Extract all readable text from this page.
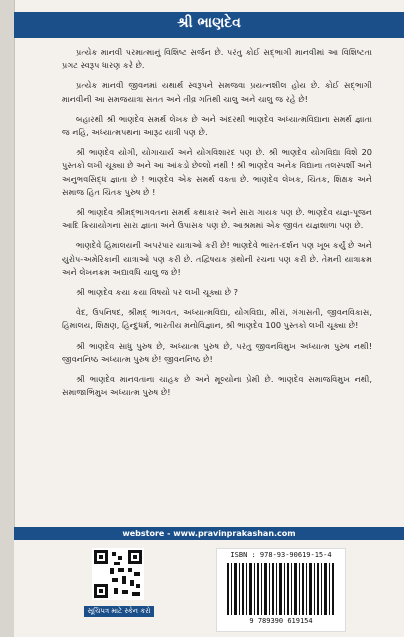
શ્રી ભાણદેવ

પ્રત્યેક માનવી પરમાત્માનું વિશિષ્ટ સર્જન છે. પરંતુ કોઈ સદ્ભાગી માનવીમાં આ વિશિષ્ટતા પ્રગટ સ્વરૂપ ધારણ કરે છે.

પ્રત્યેક માનવી જીવનમાં યથાર્થ સ્વરૂપને સમજવા પ્રયત્નશીલ હોય છે. કોઈ સદ્ભાગી માનવીની આ સમજયાત્રા સતત અને તીવ્ર ગતિથી ચાલુ અને ચાલુ જ રહે છે!

બહારથી શ્રી ભાણદેવ સમર્થ લેખક છે અને અંદરથી ભાણદેવ અધ્યાત્મવિદ્યાના સમર્થ જ્ઞાતા જ નહિ, અધ્યાત્મપથના આરૂઢ યાત્રી પણ છે.

શ્રી ભાણદેવ યોગી, યોગાચાર્ય અને યોગવિશારદ પણ છે. શ્રી ભાણદેવ યોગવિદ્યા વિશે 20 પુસ્તકો લખી ચૂક્યા છે અને આ આંકડો છેલ્લો નથી ! શ્રી ભાણદેવ અનેક વિદ્યાના તલસ્પર્શી અને અનુભવસિદ્ધ જ્ઞાતા છે ! ભાણદેવ એક સમર્થ વક્તા છે. ભાણદેવ લેખક, ચિંતક, શિક્ષક અને સમાજ હિત ચિંતક પુરુષ છે !

શ્રી ભાણદેવ શ્રીમદ્ભાગવતના સમર્થ કથાકાર અને સારા ગાયક પણ છે. ભાણદેવ યજ્ઞ-પૂજન આદિ ક્રિયાયોગના સારા જ્ઞાતા અને ઉપાસક પણ છે. આશ્રમમાં એક જીવંત યજ્ઞશાળા પણ છે.

ભાણદેવે હિમાલયની અપરંપાર યાત્રાઓ કરી છે! ભાણદેવે ભારત-દર્શન પણ ખૂબ કર્યું છે અને યુરોપ-અમેરિકાની યાત્રાઓ પણ કરી છે. તદ્વિષયક ગ્રંથોની રચના પણ કરી છે. તેમની યાત્રાક્રમ અને લેખનક્રમ અદ્યાવધિ ચાલુ જ છે!

શ્રી ભાણદેવ કયા કયા વિષયો પર લખી ચૂક્યા છે ?

વેદ, ઉપનિષદ, શ્રીમદ્ ભાગવત, અધ્યાત્મવિદ્યા, યોગવિદ્યા, મીરાં, ગંગાસતી, જીવનવિકાસ, હિમાલય, શિક્ષણ, હિન્દુધર્મ, ભારતીય મનોવિજ્ઞાન, શ્રી ભાણદેવ 100 પુસ્તકો લખી ચૂક્યા છે!

શ્રી ભાણદેવ સાધુ પુરુષ છે, અધ્યાત્મ પુરુષ છે, પરંતુ જીવનવિમુખ અધ્યાત્મ પુરુષ નથી! જીવનનિષ્ઠ અધ્યાત્મ પુરુષ છે! જીવનનિષ્ઠ છે!

શ્રી ભાણદેવ માનવતાના ચાહક છે અને મૂલ્યોના પ્રેમી છે. ભાણદેવ સમાજવિમુખ નથી, સમાજાભિમુખ અધ્યાત્મ પુરુષ છે!

webstore - www.pravinprakashan.com
સૂચિપત્ર માટે સ્કેન કરો
ISBN : 978-93-90619-15-4
9 789390 619154
